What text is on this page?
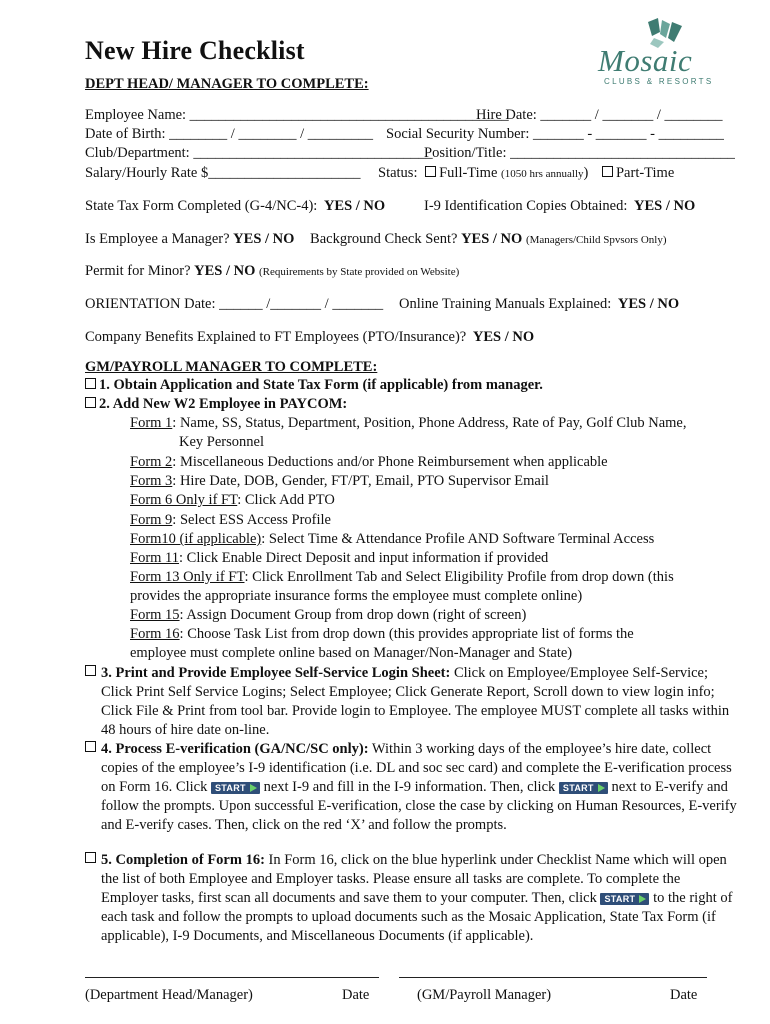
New Hire Checklist	Mosaic
CLUBS & RESORTS
DEPT HEAD/ MANAGER TO COMPLETE:
Employee Name: ____________________________________________
Hire Date: _______ / _______ / ________
Date of Birth: ________ / ________ / _________ Social Security Number: _______ - _______ - _________
Club/Department: _________________________________
Position/Title: _______________________________
Salary/Hourly Rate $_____________________ Status: Full-Time (1050 hrs annually) Part-Time
State Tax Form Completed (G-4/NC-4): YES / NO	I-9 Identification Copies Obtained: YES / NO
Is Employee a Manager? YES / NO Background Check Sent? YES / NO (Managers/Child Spvsors Only)
Permit for Minor? YES / NO (Requirements by State provided on Website)
ORIENTATION Date: ______ /_______ / _______ Online Training Manuals Explained: YES / NO
Company Benefits Explained to FT Employees (PTO/Insurance)? YES / NO
GM/PAYROLL MANAGER TO COMPLETE:
1. Obtain Application and State Tax Form (if applicable) from manager.
2. Add New W2 Employee in PAYCOM:
Form 1: Name, SS, Status, Department, Position, Phone Address, Rate of Pay, Golf Club Name,
Key Personnel
Form 2: Miscellaneous Deductions and/or Phone Reimbursement when applicable
Form 3: Hire Date, DOB, Gender, FT/PT, Email, PTO Supervisor Email
Form 6 Only if FT: Click Add PTO
Form 9: Select ESS Access Profile
Form10 (if applicable): Select Time & Attendance Profile AND Software Terminal Access
Form 11: Click Enable Direct Deposit and input information if provided
Form 13 Only if FT: Click Enrollment Tab and Select Eligibility Profile from drop down (this
provides the appropriate insurance forms the employee must complete online)
Form 15: Assign Document Group from drop down (right of screen)
Form 16: Choose Task List from drop down (this provides appropriate list of forms the
employee must complete online based on Manager/Non-Manager and State)
3. Print and Provide Employee Self-Service Login Sheet: Click on Employee/Employee Self-Service; Click Print Self Service Logins; Select Employee; Click Generate Report, Scroll down to view login info; Click File & Print from tool bar. Provide login to Employee. The employee MUST complete all tasks within 48 hours of hire date on-line.
4. Process E-verification (GA/NC/SC only): Within 3 working days of the employee’s hire date, collect copies of the employee’s I-9 identification (i.e. DL and soc sec card) and complete the E-verification process on Form 16. Click START next I-9 and fill in the I-9 information. Then, click START next to E-verify and follow the prompts. Upon successful E-verification, close the case by clicking on Human Resources, E-verify and E-verify cases. Then, click on the red ‘X’ and follow the prompts.
5. Completion of Form 16: In Form 16, click on the blue hyperlink under Checklist Name which will open the list of both Employee and Employer tasks. Please ensure all tasks are complete. To complete the Employer tasks, first scan all documents and save them to your computer. Then, click START to the right of each task and follow the prompts to upload documents such as the Mosaic Application, State Tax Form (if applicable), I-9 Documents, and Miscellaneous Documents (if applicable).
(Department Head/Manager)	Date	(GM/Payroll Manager)	Date
